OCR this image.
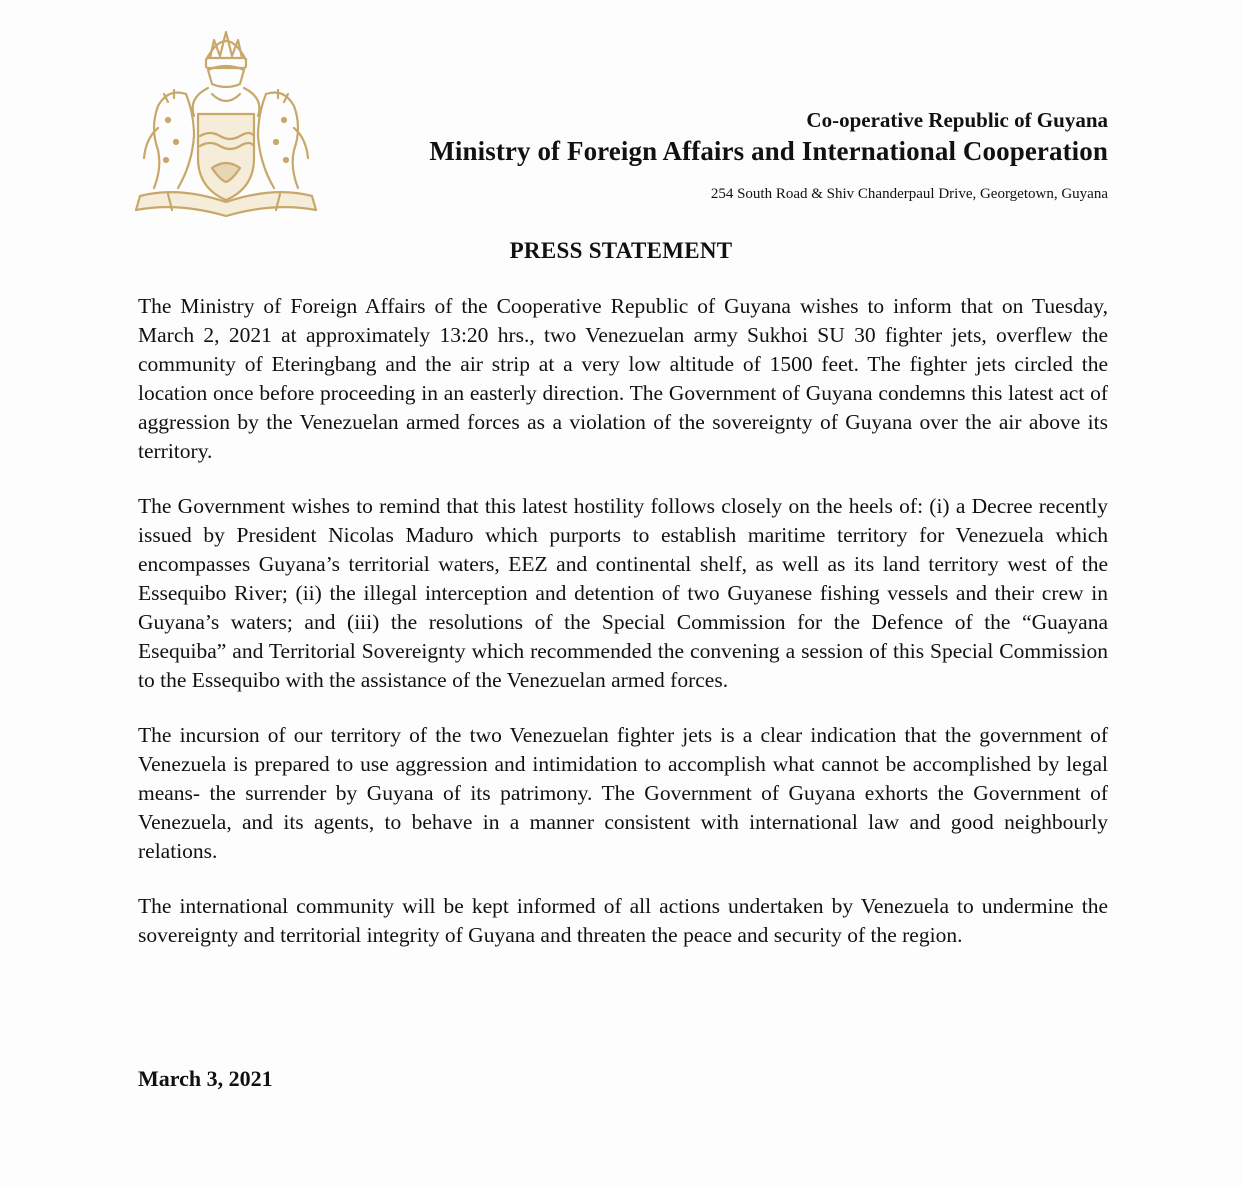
Co-operative Republic of Guyana

Ministry of Foreign Affairs and International Cooperation

254 South Road & Shiv Chanderpaul Drive, Georgetown, Guyana
PRESS STATEMENT

The Ministry of Foreign Affairs of the Cooperative Republic of Guyana wishes to inform that on Tuesday, March 2, 2021 at approximately 13:20 hrs., two Venezuelan army Sukhoi SU 30 fighter jets, overflew the community of Eteringbang and the air strip at a very low altitude of 1500 feet. The fighter jets circled the location once before proceeding in an easterly direction. The Government of Guyana condemns this latest act of aggression by the Venezuelan armed forces as a violation of the sovereignty of Guyana over the air above its territory.

The Government wishes to remind that this latest hostility follows closely on the heels of: (i) a Decree recently issued by President Nicolas Maduro which purports to establish maritime territory for Venezuela which encompasses Guyana’s territorial waters, EEZ and continental shelf, as well as its land territory west of the Essequibo River; (ii) the illegal interception and detention of two Guyanese fishing vessels and their crew in Guyana’s waters; and (iii) the resolutions of the Special Commission for the Defence of the “Guayana Esequiba” and Territorial Sovereignty which recommended the convening a session of this Special Commission to the Essequibo with the assistance of the Venezuelan armed forces.

The incursion of our territory of the two Venezuelan fighter jets is a clear indication that the government of Venezuela is prepared to use aggression and intimidation to accomplish what cannot be accomplished by legal means- the surrender by Guyana of its patrimony. The Government of Guyana exhorts the Government of Venezuela, and its agents, to behave in a manner consistent with international law and good neighbourly relations.

The international community will be kept informed of all actions undertaken by Venezuela to undermine the sovereignty and territorial integrity of Guyana and threaten the peace and security of the region.

March 3, 2021
